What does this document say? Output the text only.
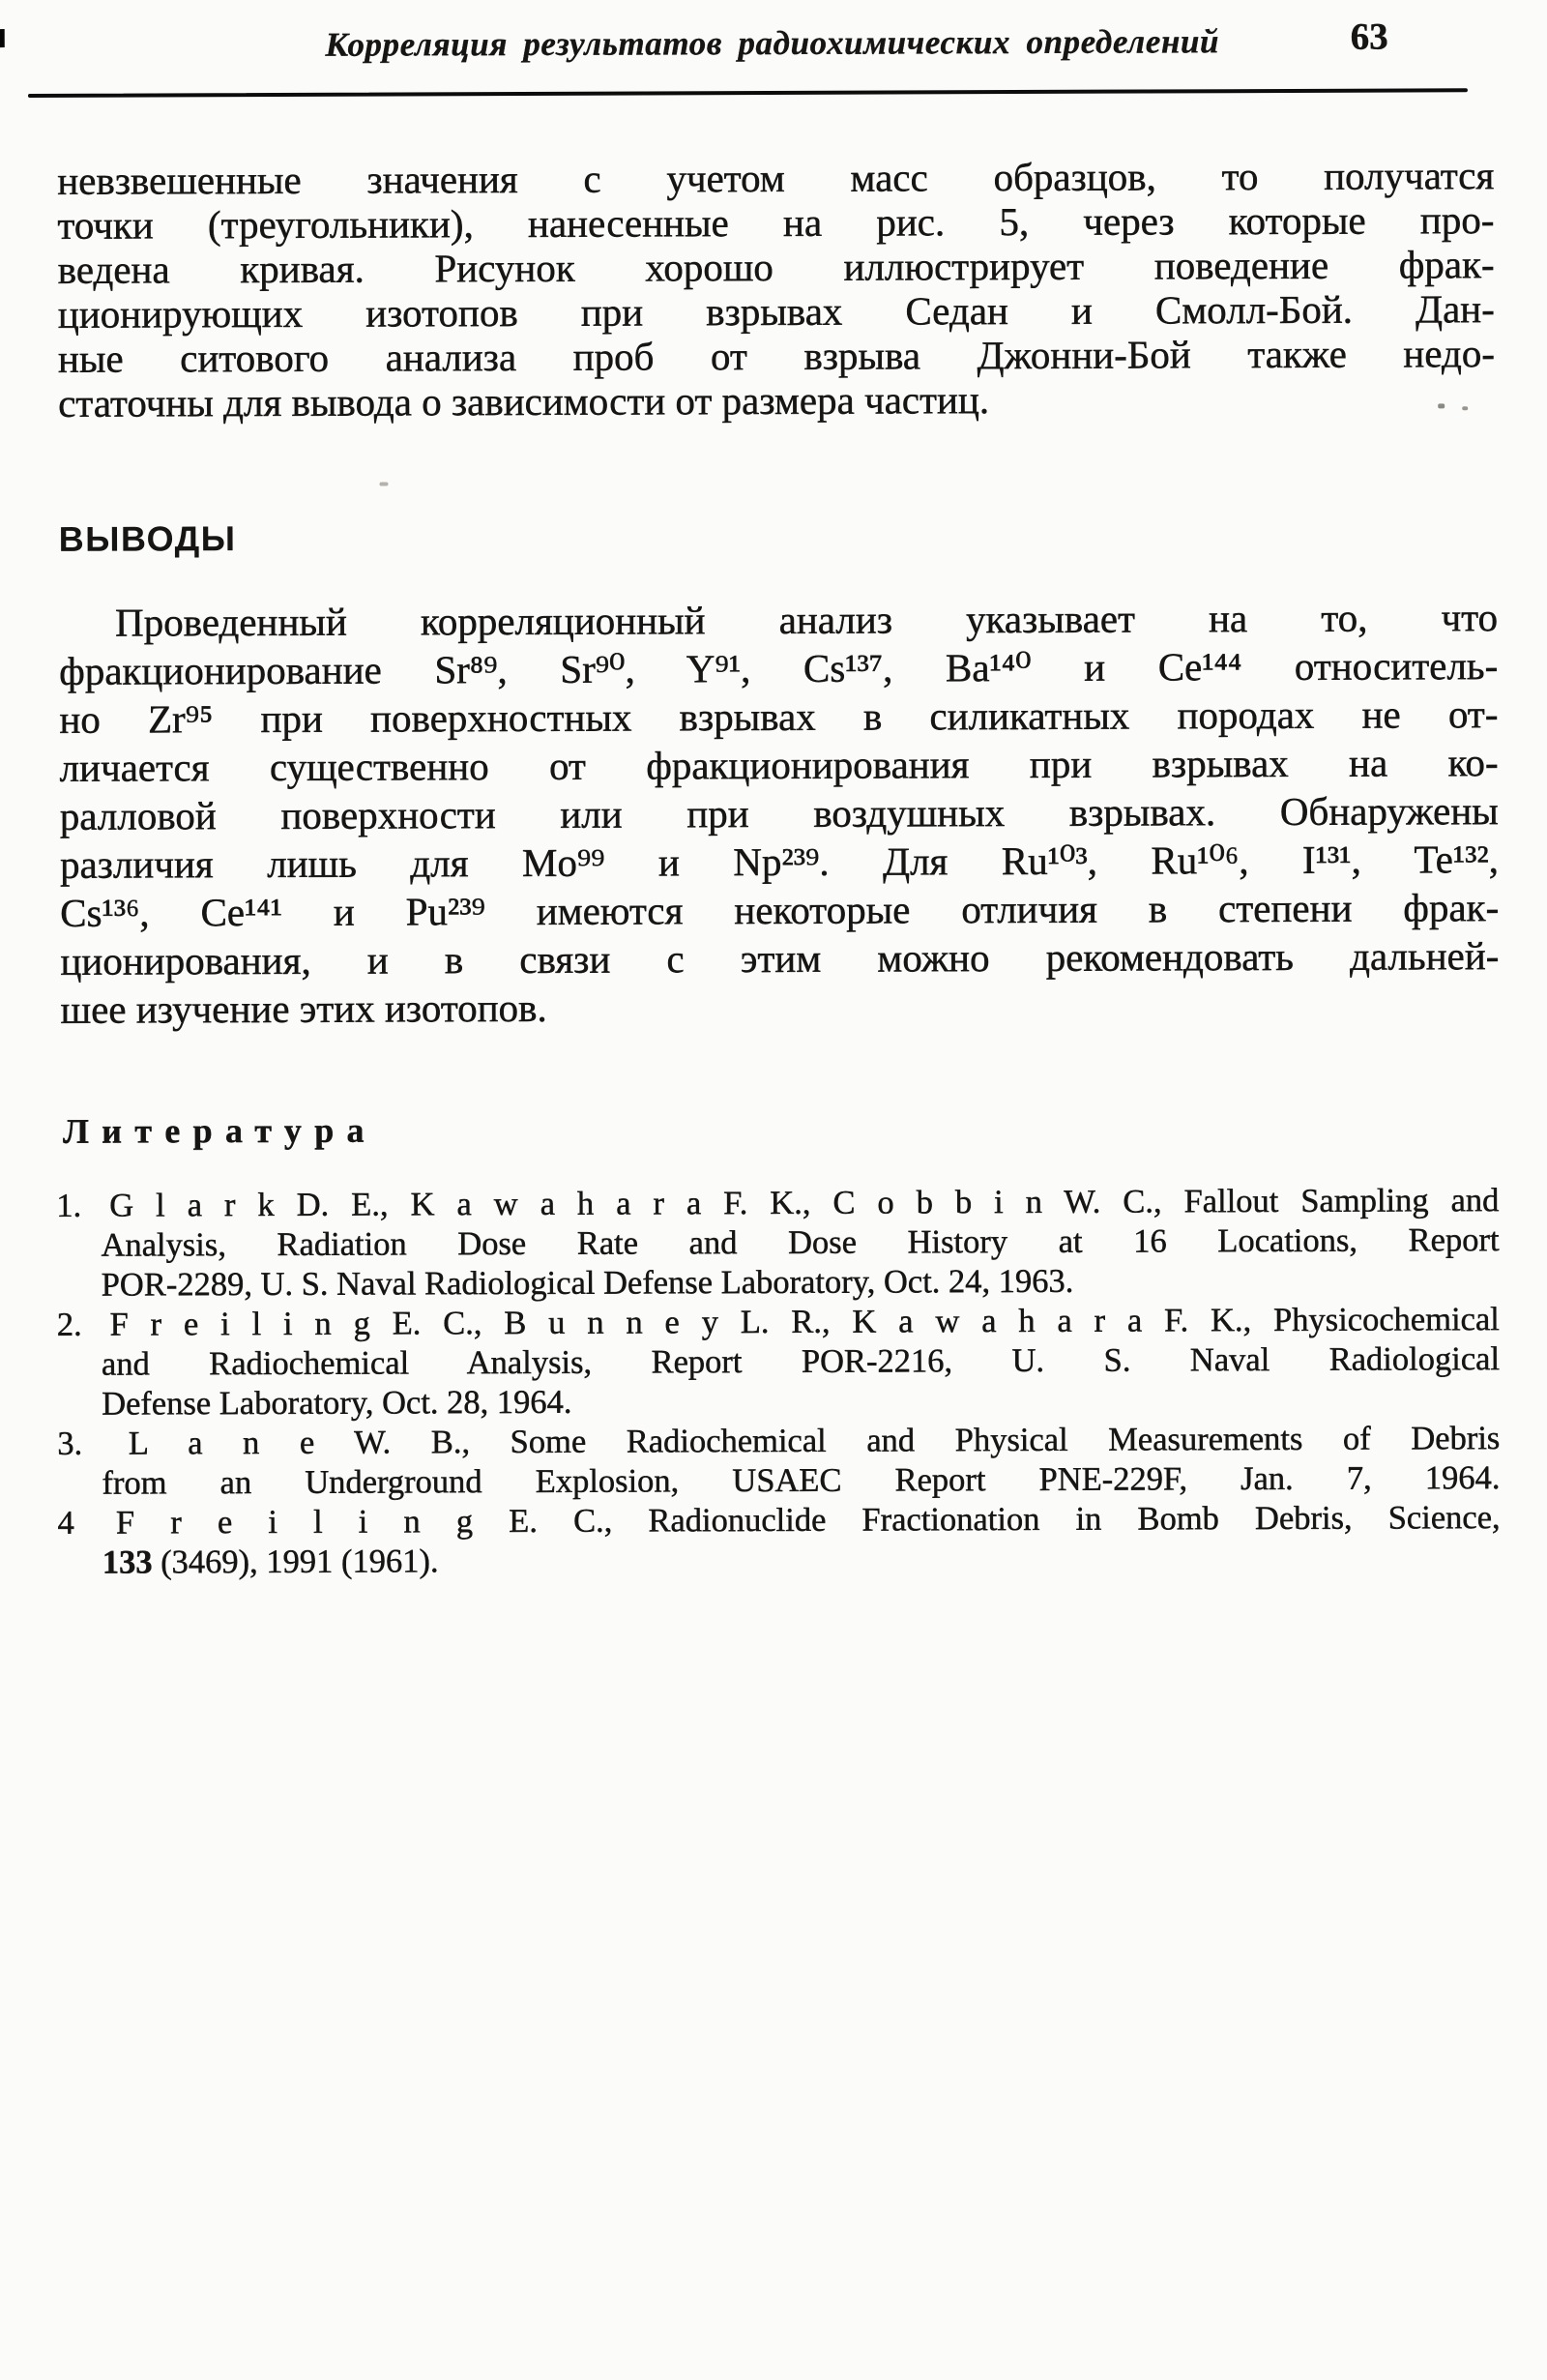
Корреляция результатов радиохимических определений	63
невзвешенные значения с учетом масс образцов, то получатся
точки (треугольники), нанесенные на рис. 5, через которые про-
ведена кривая. Рисунок хорошо иллюстрирует поведение фрак-
ционирующих изотопов при взрывах Седан и Смолл-Бой. Дан-
ные ситового анализа проб от взрыва Джонни-Бой также недо-
статочны для вывода о зависимости от размера частиц.
ВЫВОДЫ
Проведенный корреляционный анализ указывает на то, что
фракционирование Sr⁸⁹, Sr⁹⁰, Y⁹¹, Cs¹³⁷, Ba¹⁴⁰ и Ce¹⁴⁴ относитель-
но Zr⁹⁵ при поверхностных взрывах в силикатных породах не от-
личается существенно от фракционирования при взрывах на ко-
ралловой поверхности или при воздушных взрывах. Обнаружены
различия лишь для Mo⁹⁹ и Np²³⁹. Для Ru¹⁰³, Ru¹⁰⁶, I¹³¹, Te¹³²,
Cs¹³⁶, Ce¹⁴¹ и Pu²³⁹ имеются некоторые отличия в степени фрак-
ционирования, и в связи с этим можно рекомендовать дальней-
шее изучение этих изотопов.
Литература
1. G l a r k D. E., K a w a h a r a F. K., C o b b i n W. C., Fallout Sampling and
Analysis, Radiation Dose Rate and Dose History at 16 Locations, Report
POR-2289, U. S. Naval Radiological Defense Laboratory, Oct. 24, 1963.
2. F r e i l i n g E. C., B u n n e y L. R., K a w a h a r a F. K., Physicochemical
and Radiochemical Analysis, Report POR-2216, U. S. Naval Radiological
Defense Laboratory, Oct. 28, 1964.
3. L a n e W. B., Some Radiochemical and Physical Measurements of Debris
from an Underground Explosion, USAEC Report PNE-229F, Jan. 7, 1964.
4 F r e i l i n g E. C., Radionuclide Fractionation in Bomb Debris, Science,
133 (3469), 1991 (1961).
